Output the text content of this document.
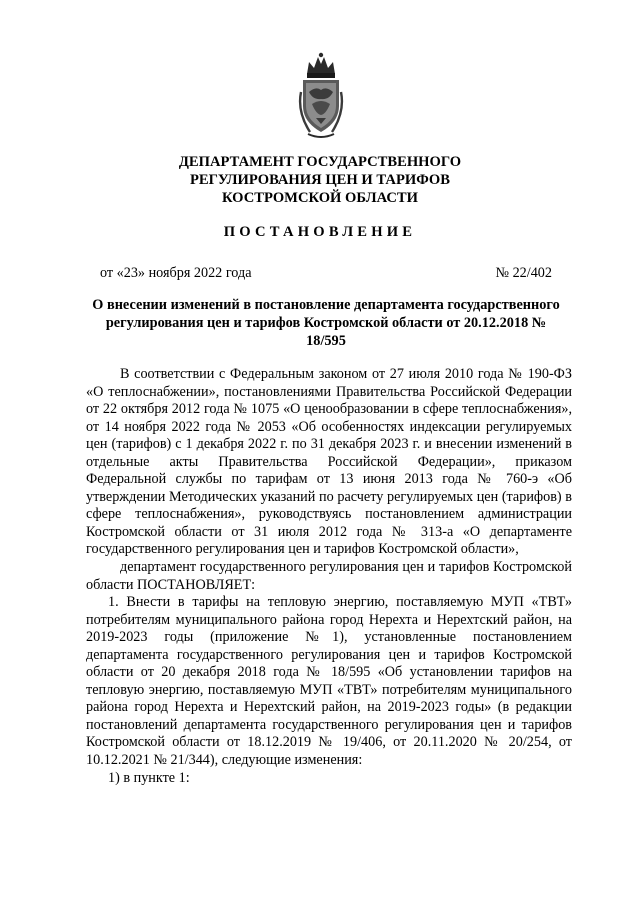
ДЕПАРТАМЕНТ ГОСУДАРСТВЕННОГО
РЕГУЛИРОВАНИЯ ЦЕН И ТАРИФОВ
КОСТРОМСКОЙ ОБЛАСТИ
ПОСТАНОВЛЕНИЕ
от «23» ноября 2022 года	№ 22/402
О внесении изменений в постановление департамента государственного
регулирования цен и тарифов Костромской области от 20.12.2018 № 18/595

В соответствии с Федеральным законом от 27 июля 2010 года № 190-ФЗ «О теплоснабжении», постановлениями Правительства Российской Федерации от 22 октября 2012 года № 1075 «О ценообразовании в сфере теплоснабжения», от 14 ноября 2022 года № 2053 «Об особенностях индексации регулируемых цен (тарифов) с 1 декабря 2022 г. по 31 декабря 2023 г. и внесении изменений в отдельные акты Правительства Российской Федерации», приказом Федеральной службы по тарифам от 13 июня 2013 года № 760-э «Об утверждении Методических указаний по расчету регулируемых цен (тарифов) в сфере теплоснабжения», руководствуясь постановлением администрации Костромской области от 31 июля 2012 года № 313-а «О департаменте государственного регулирования цен и тарифов Костромской области»,

департамент государственного регулирования цен и тарифов Костромской области ПОСТАНОВЛЯЕТ:

1. Внести в тарифы на тепловую энергию, поставляемую МУП «ТВТ» потребителям муниципального района город Нерехта и Нерехтский район, на 2019-2023 годы (приложение №1), установленные постановлением департамента государственного регулирования цен и тарифов Костромской области от 20 декабря 2018 года № 18/595 «Об установлении тарифов на тепловую энергию, поставляемую МУП «ТВТ» потребителям муниципального района город Нерехта и Нерехтский район, на 2019-2023 годы» (в редакции постановлений департамента государственного регулирования цен и тарифов Костромской области от 18.12.2019 № 19/406, от 20.11.2020 № 20/254, от 10.12.2021 № 21/344), следующие изменения:

1) в пункте 1:
